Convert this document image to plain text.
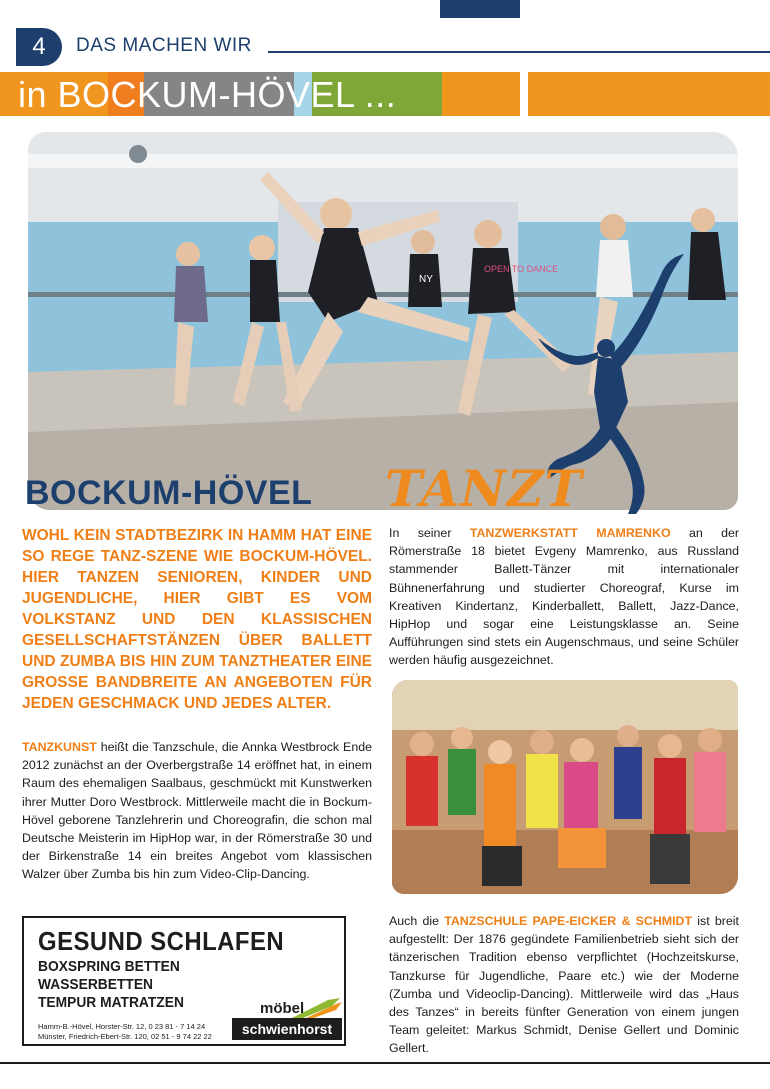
4	DAS MACHEN WIR
in BOCKUM-HÖVEL ...
OPEN TO DANCE
NY
BOCKUM-HÖVEL TANZT
WOHL KEIN STADTBEZIRK IN HAMM HAT EINE SO REGE TANZ-SZENE WIE BOCKUM-HÖVEL. HIER TANZEN SENIOREN, KINDER UND JUGENDLICHE, HIER GIBT ES VOM VOLKSTANZ UND DEN KLASSISCHEN GESELLSCHAFTSTÄNZEN ÜBER BALLETT UND ZUMBA BIS HIN ZUM TANZTHEATER EINE GROSSE BANDBREITE AN ANGEBOTEN FÜR JEDEN GESCHMACK UND JEDES ALTER.
TANZKUNST heißt die Tanzschule, die Annka Westbrock Ende 2012 zunächst an der Overbergstraße 14 eröffnet hat, in einem Raum des ehemaligen Saalbaus, geschmückt mit Kunstwerken ihrer Mutter Doro Westbrock. Mittlerweile macht die in Bockum-Hövel geborene Tanzlehrerin und Choreografin, die schon mal Deutsche Meisterin im HipHop war, in der Römerstraße 30 und der Birkenstraße 14 ein breites Angebot vom klassischen Walzer über Zumba bis hin zum Video-Clip-Dancing.
In seiner TANZWERKSTATT MAMRENKO an der Römerstraße 18 bietet Evgeny Mamrenko, aus Russland stammender Ballett-Tänzer mit internationaler Bühnenerfahrung und studierter Choreograf, Kurse im Kreativen Kindertanz, Kinderballett, Ballett, Jazz-Dance, HipHop und sogar eine Leistungsklasse an. Seine Aufführungen sind stets ein Augenschmaus, und seine Schüler werden häufig ausgezeichnet.
Auch die TANZSCHULE PAPE-EICKER & SCHMIDT ist breit aufgestellt: Der 1876 gegündete Familienbetrieb sieht sich der tänzerischen Tradition ebenso verpflichtet (Hochzeitskurse, Tanzkurse für Jugendliche, Paare etc.) wie der Moderne (Zumba und Videoclip-Dancing). Mittlerweile wird das „Haus des Tanzes“ in bereits fünfter Generation von einem jungen Team geleitet: Markus Schmidt, Denise Gellert und Dominic Gellert.
GESUND SCHLAFEN
BOXSPRING BETTEN
WASSERBETTEN
TEMPUR MATRATZEN
Hamm-B.-Hövel, Horster-Str. 12, 0 23 81 - 7 14 24
Münster, Friedrich-Ebert-Str. 120, 02 51 - 9 74 22 22
möbel
schwienhorst
